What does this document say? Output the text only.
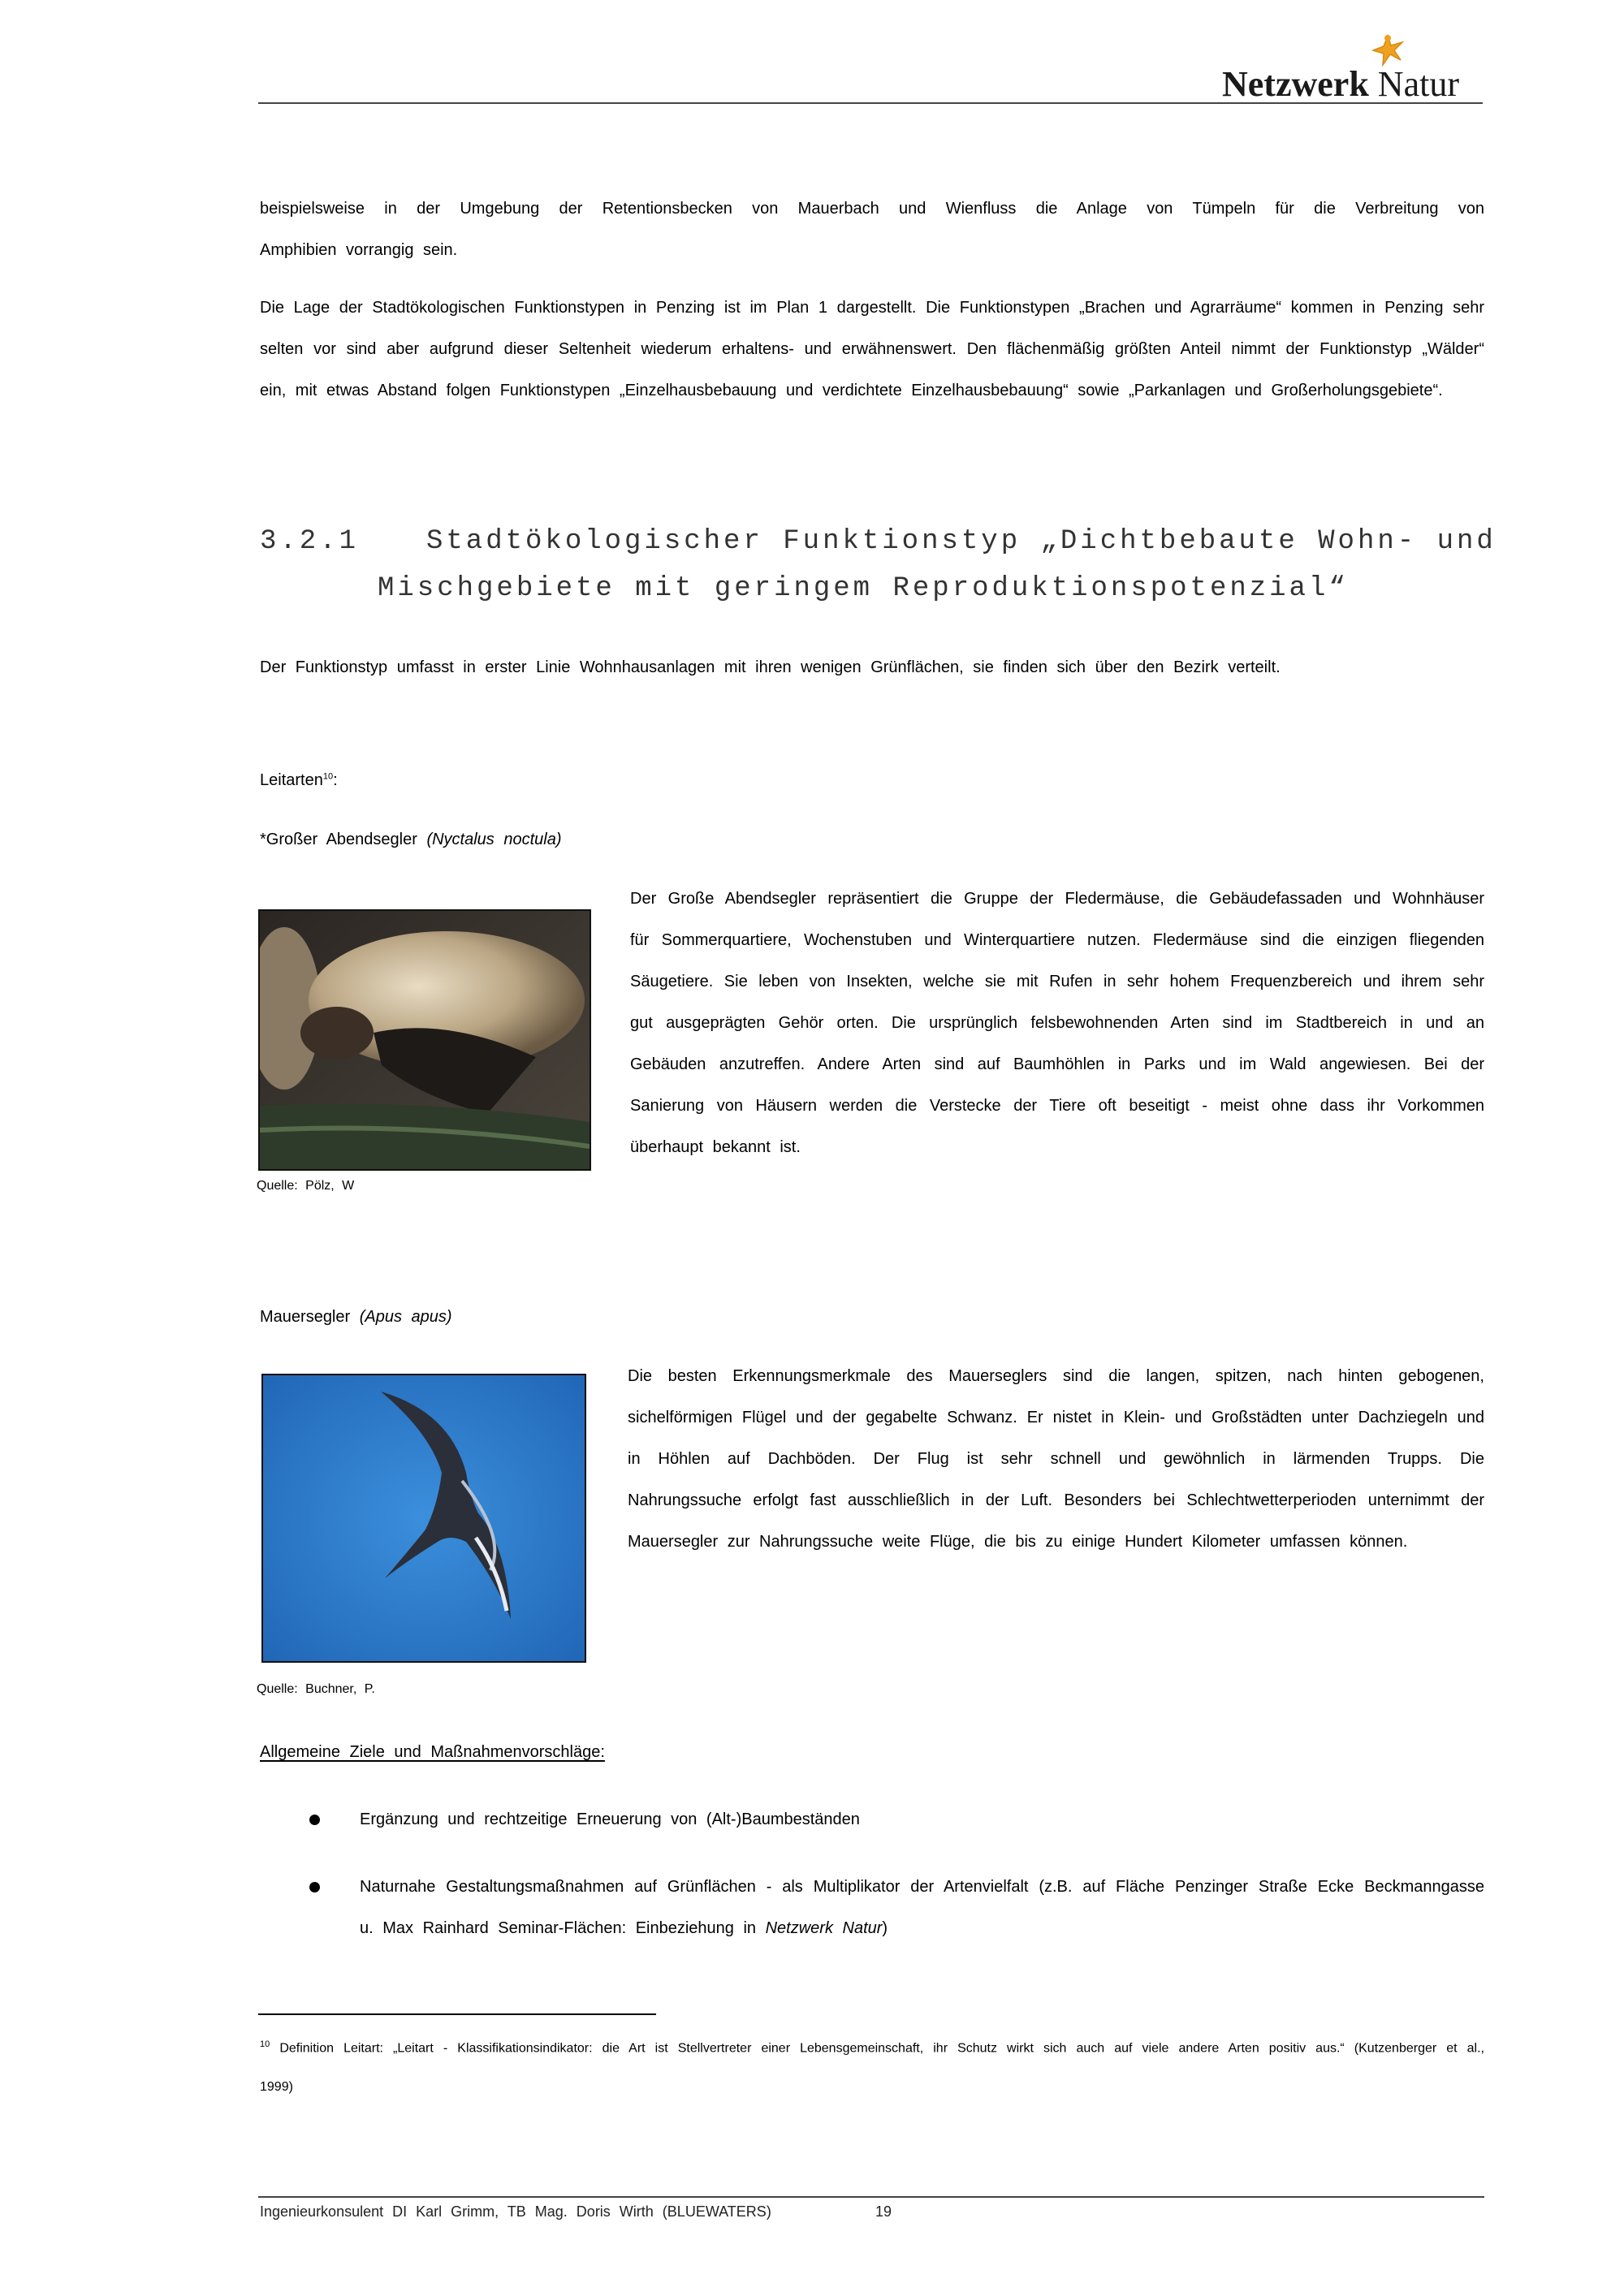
Netzwerk Natur
beispielsweise in der Umgebung der Retentionsbecken von Mauerbach und Wienfluss die Anlage von Tümpeln für die Verbreitung von
Amphibien vorrangig sein.
Die Lage der Stadtökologischen Funktionstypen in Penzing ist im Plan 1 dargestellt. Die Funktionstypen „Brachen und Agrarräume“ kommen in Penzing sehr selten vor sind aber aufgrund dieser Seltenheit wiederum erhaltens- und erwähnenswert. Den flächenmäßig größten Anteil nimmt der Funktionstyp „Wälder“ ein, mit etwas Abstand folgen Funktionstypen „Einzelhausbebauung und verdichtete Einzelhausbebauung“ sowie „Parkanlagen und Großerholungsgebiete“.
3.2.1 Stadtökologischer Funktionstyp „Dichtbebaute Wohn- und
Mischgebiete mit geringem Reproduktionspotenzial“
Der Funktionstyp umfasst in erster Linie Wohnhausanlagen mit ihren wenigen Grünflächen, sie finden sich über den Bezirk verteilt.
Leitarten$^{10}$:
*Großer Abendsegler (Nyctalus noctula)
Der Große Abendsegler repräsentiert die Gruppe der Fledermäuse, die Gebäudefassaden und Wohnhäuser für Sommerquartiere, Wochenstuben und Winterquartiere nutzen. Fledermäuse sind die einzigen fliegenden Säugetiere. Sie leben von Insekten, welche sie mit Rufen in sehr hohem Frequenzbereich und ihrem sehr gut ausgeprägten Gehör orten. Die ursprünglich felsbewohnenden Arten sind im Stadtbereich in und an Gebäuden anzutreffen. Andere Arten sind auf Baumhöhlen in Parks und im Wald angewiesen. Bei der Sanierung von Häusern werden die Verstecke der Tiere oft beseitigt - meist ohne dass ihr Vorkommen überhaupt bekannt ist.
Quelle: Pölz, W
Mauersegler (Apus apus)
Die besten Erkennungsmerkmale des Mauerseglers sind die langen, spitzen, nach hinten gebogenen, sichelförmigen Flügel und der gegabelte Schwanz. Er nistet in Klein- und Großstädten unter Dachziegeln und in Höhlen auf Dachböden. Der Flug ist sehr schnell und gewöhnlich in lärmenden Trupps. Die Nahrungssuche erfolgt fast ausschließlich in der Luft. Besonders bei Schlechtwetterperioden unternimmt der Mauersegler zur Nahrungssuche weite Flüge, die bis zu einige Hundert Kilometer umfassen können.
Quelle: Buchner, P.
Allgemeine Ziele und Maßnahmenvorschläge:
Ergänzung und rechtzeitige Erneuerung von (Alt-)Baumbeständen
Naturnahe Gestaltungsmaßnahmen auf Grünflächen - als Multiplikator der Artenvielfalt (z.B. auf Fläche Penzinger Straße Ecke Beckmanngasse u. Max Rainhard Seminar-Flächen: Einbeziehung in Netzwerk Natur)
$^{10}$ Definition Leitart: „Leitart - Klassifikationsindikator: die Art ist Stellvertreter einer Lebensgemeinschaft, ihr Schutz wirkt sich auch auf viele andere Arten positiv aus.“ (Kutzenberger et al., 1999)
Ingenieurkonsulent DI Karl Grimm, TB Mag. Doris Wirth (BLUEWATERS)	19
